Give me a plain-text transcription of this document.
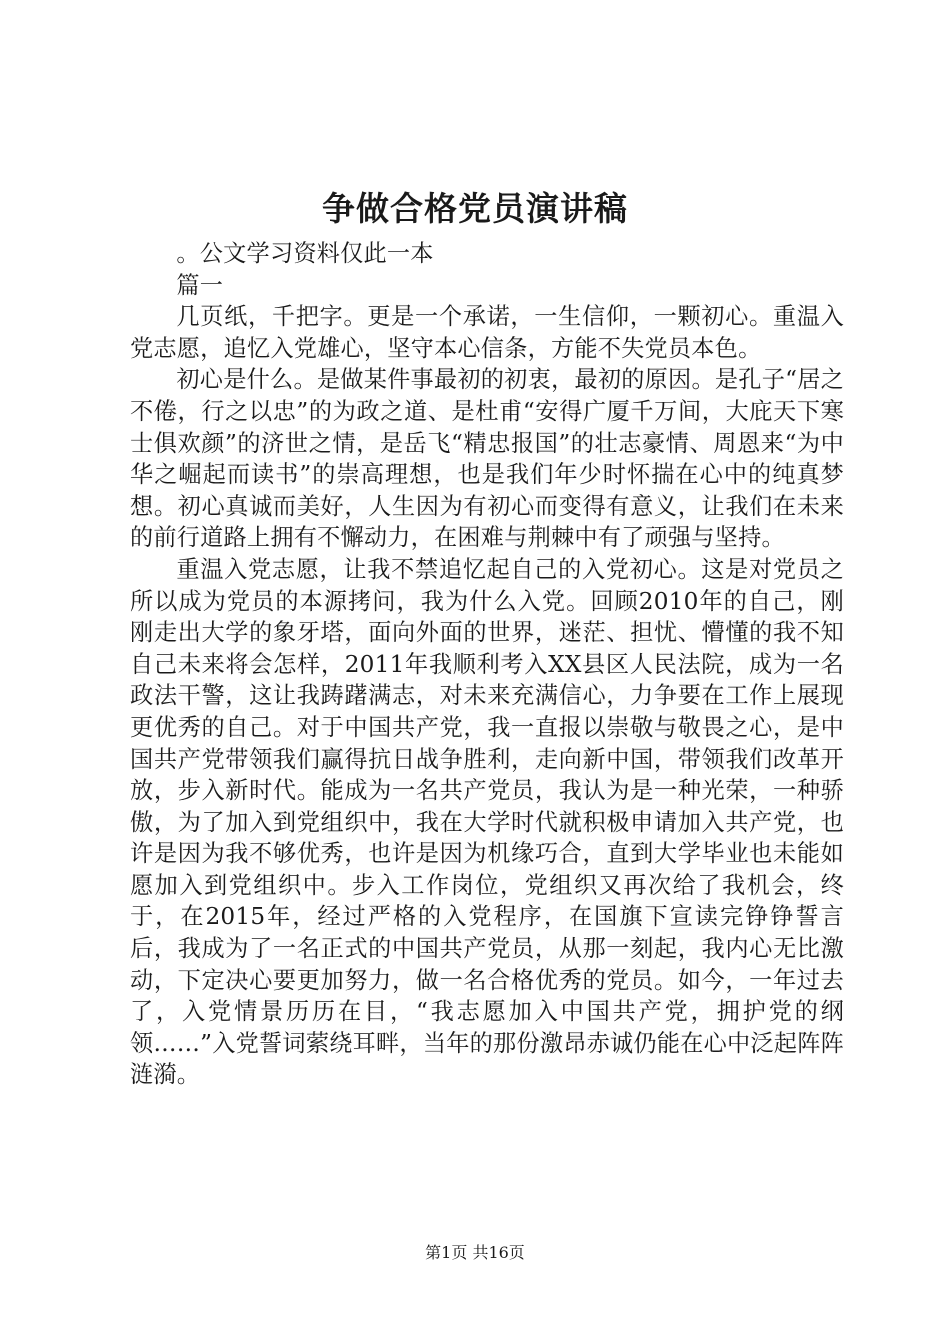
争做合格党员演讲稿

。公文学习资料仅此一本

篇一

几页纸，千把字。更是一个承诺，一生信仰，一颗初心。重温入党志愿，追忆入党雄心，坚守本心信条，方能不失党员本色。

初心是什么。是做某件事最初的初衷，最初的原因。是孔子“居之不倦，行之以忠”的为政之道、是杜甫“安得广厦千万间，大庇天下寒士俱欢颜”的济世之情，是岳飞“精忠报国”的壮志豪情、周恩来“为中华之崛起而读书”的崇高理想，也是我们年少时怀揣在心中的纯真梦想。初心真诚而美好，人生因为有初心而变得有意义，让我们在未来的前行道路上拥有不懈动力，在困难与荆棘中有了顽强与坚持。

重温入党志愿，让我不禁追忆起自己的入党初心。这是对党员之所以成为党员的本源拷问，我为什么入党。回顾2010年的自己，刚刚走出大学的象牙塔，面向外面的世界，迷茫、担忧、懵懂的我不知自己未来将会怎样，2011年我顺利考入XX县区人民法院，成为一名政法干警，这让我踌躇满志，对未来充满信心，力争要在工作上展现更优秀的自己。对于中国共产党，我一直报以崇敬与敬畏之心，是中国共产党带领我们赢得抗日战争胜利，走向新中国，带领我们改革开放，步入新时代。能成为一名共产党员，我认为是一种光荣，一种骄傲，为了加入到党组织中，我在大学时代就积极申请加入共产党，也许是因为我不够优秀，也许是因为机缘巧合，直到大学毕业也未能如愿加入到党组织中。步入工作岗位，党组织又再次给了我机会，终于，在2015年，经过严格的入党程序，在国旗下宣读完铮铮誓言后，我成为了一名正式的中国共产党员，从那一刻起，我内心无比激动，下定决心要更加努力，做一名合格优秀的党员。如今，一年过去了，入党情景历历在目，“我志愿加入中国共产党，拥护党的纲领……”入党誓词萦绕耳畔，当年的那份激昂赤诚仍能在心中泛起阵阵涟漪。

第1页 共16页
